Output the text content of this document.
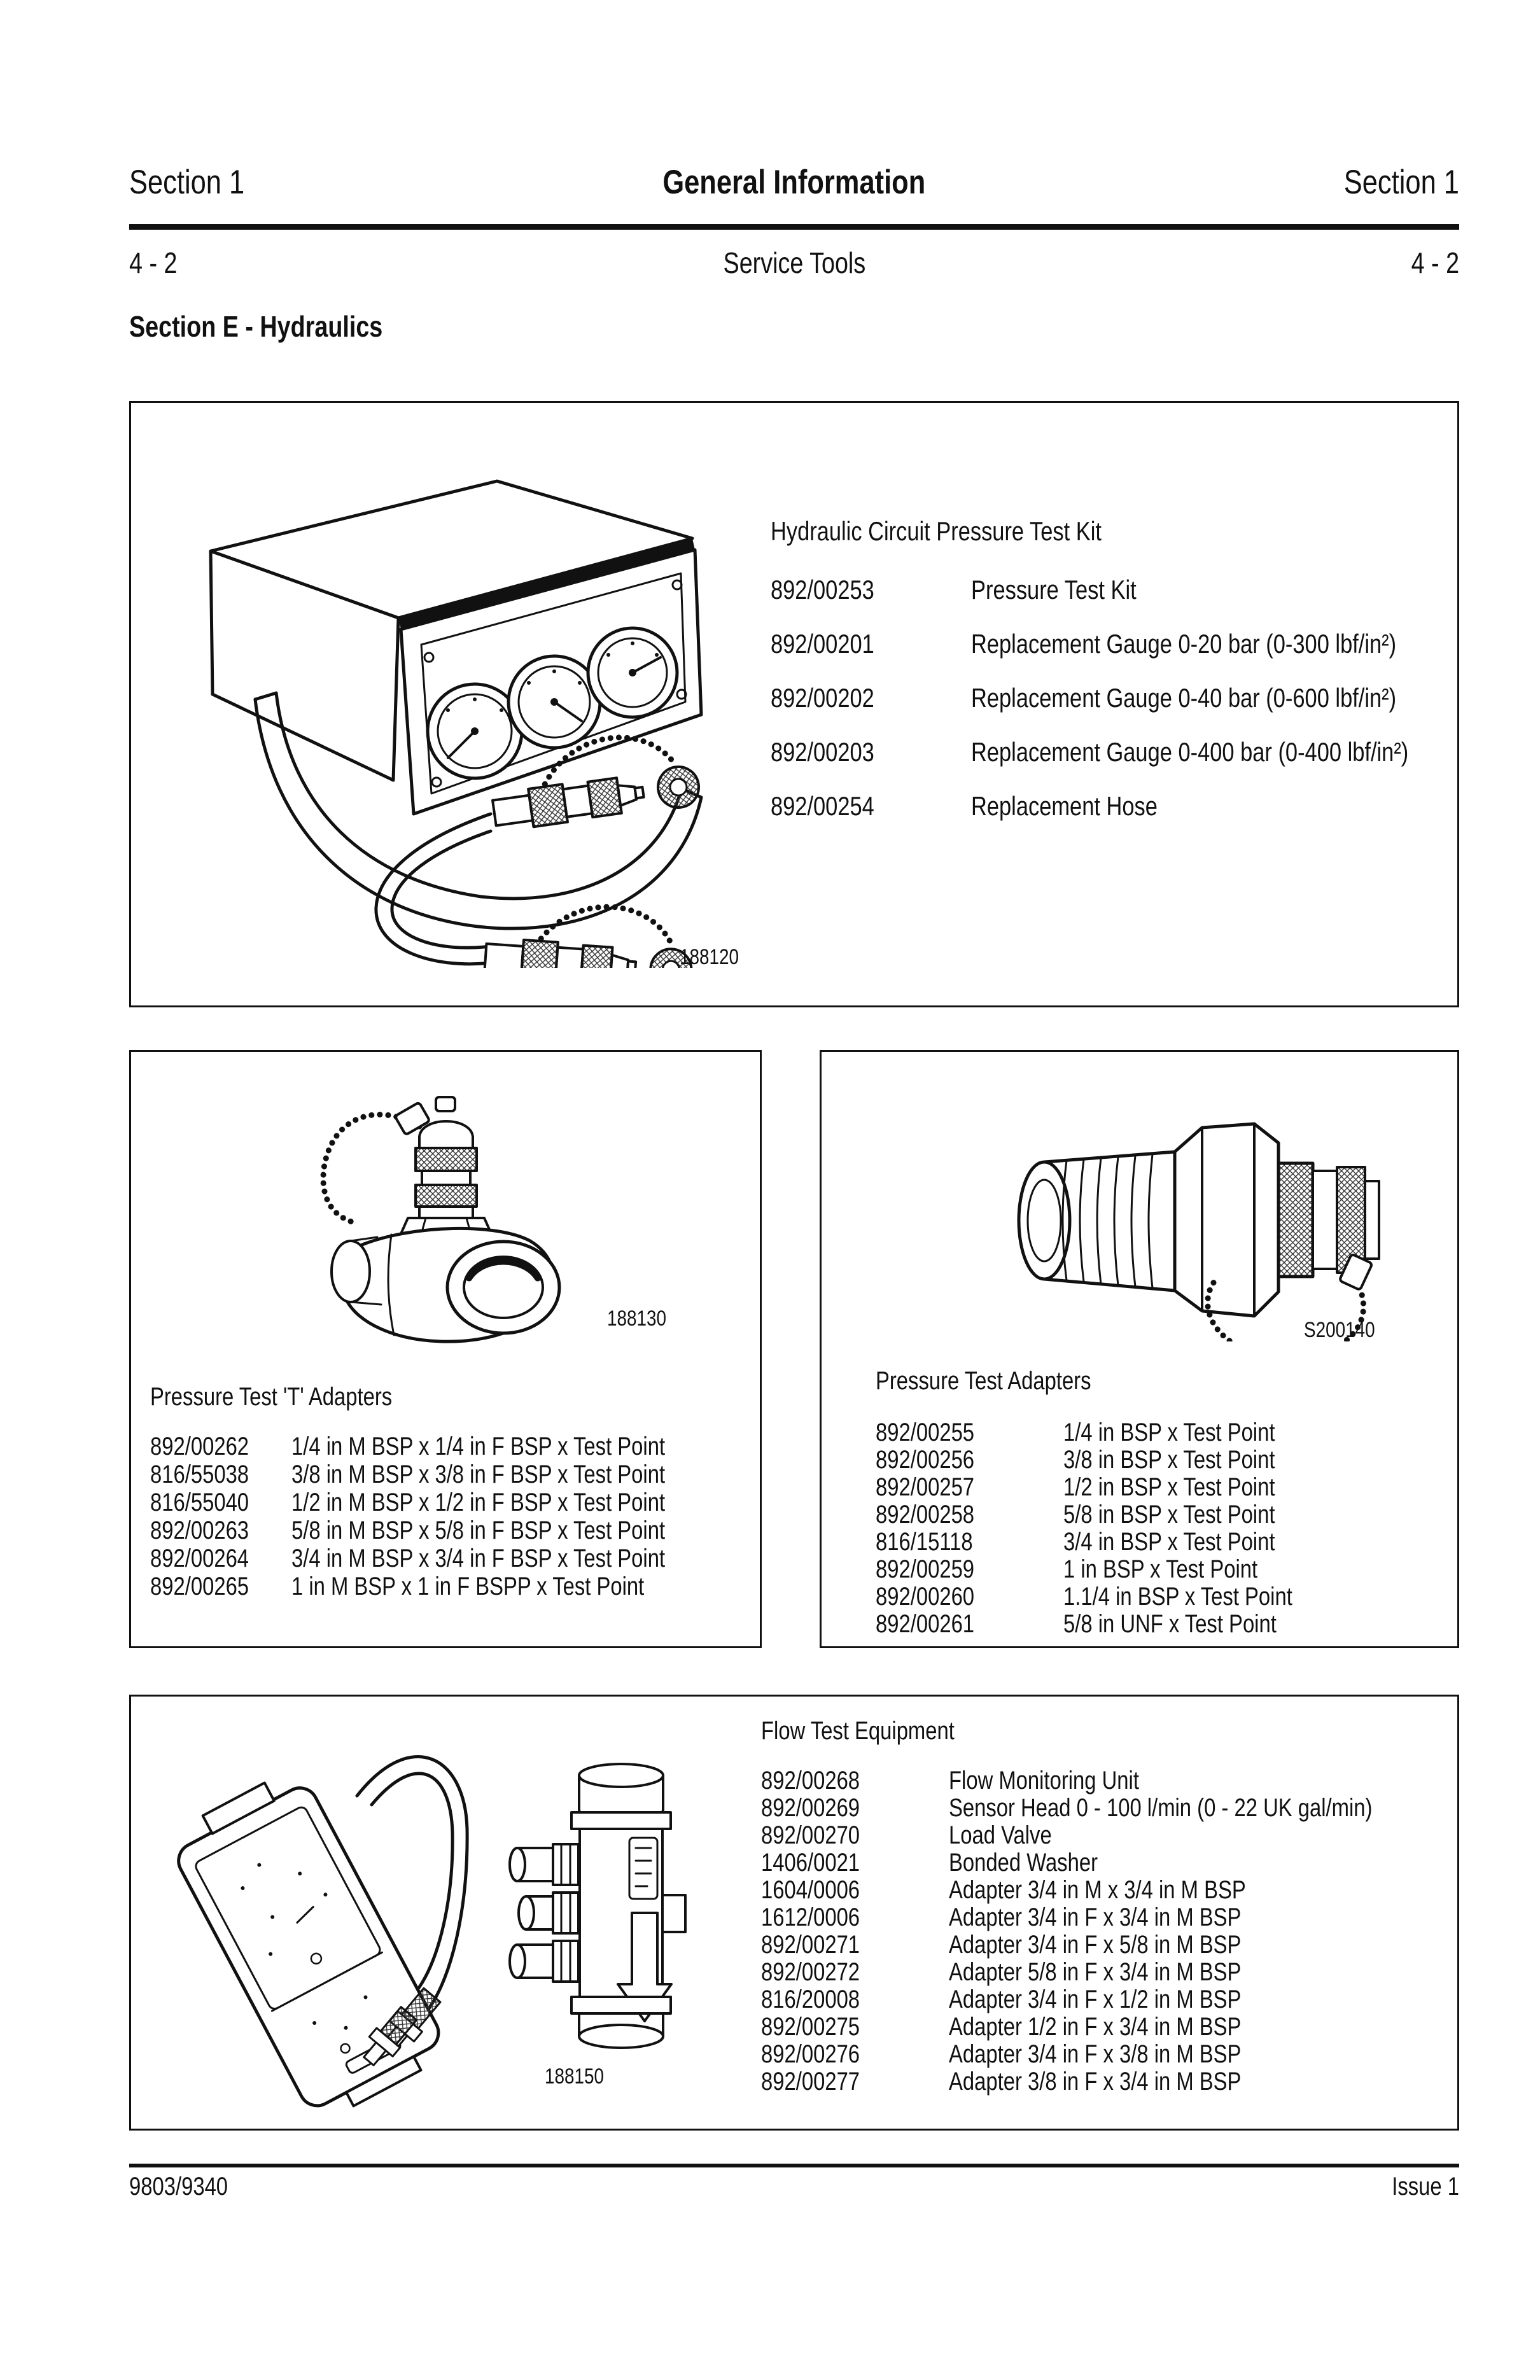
Section 1	General Information	Section 1
4 - 2	Service Tools	4 - 2
Section E - Hydraulics
Hydraulic Circuit Pressure Test Kit
892/00253	Pressure Test Kit
892/00201	Replacement Gauge 0-20 bar (0-300 lbf/in²)
892/00202	Replacement Gauge 0-40 bar (0-600 lbf/in²)
892/00203	Replacement Gauge 0-400 bar (0-400 lbf/in²)
892/00254	Replacement Hose
188120
188130
Pressure Test 'T' Adapters
892/00262	1/4 in M BSP x 1/4 in F BSP x Test Point
816/55038	3/8 in M BSP x 3/8 in F BSP x Test Point
816/55040	1/2 in M BSP x 1/2 in F BSP x Test Point
892/00263	5/8 in M BSP x 5/8 in F BSP x Test Point
892/00264	3/4 in M BSP x 3/4 in F BSP x Test Point
892/00265	1 in M BSP x 1 in F BSPP x Test Point
S200140
Pressure Test Adapters
892/00255	1/4 in BSP x Test Point
892/00256	3/8 in BSP x Test Point
892/00257	1/2 in BSP x Test Point
892/00258	5/8 in BSP x Test Point
816/15118	3/4 in BSP x Test Point
892/00259	1 in BSP x Test Point
892/00260	1.1/4 in BSP x Test Point
892/00261	5/8 in UNF x Test Point
188150
Flow Test Equipment
892/00268	Flow Monitoring Unit
892/00269	Sensor Head 0 - 100 l/min (0 - 22 UK gal/min)
892/00270	Load Valve
1406/0021	Bonded Washer
1604/0006	Adapter 3/4 in M x 3/4 in M BSP
1612/0006	Adapter 3/4 in F x 3/4 in M BSP
892/00271	Adapter 3/4 in F x 5/8 in M BSP
892/00272	Adapter 5/8 in F x 3/4 in M BSP
816/20008	Adapter 3/4 in F x 1/2 in M BSP
892/00275	Adapter 1/2 in F x 3/4 in M BSP
892/00276	Adapter 3/4 in F x 3/8 in M BSP
892/00277	Adapter 3/8 in F x 3/4 in M BSP
9803/9340	Issue 1
